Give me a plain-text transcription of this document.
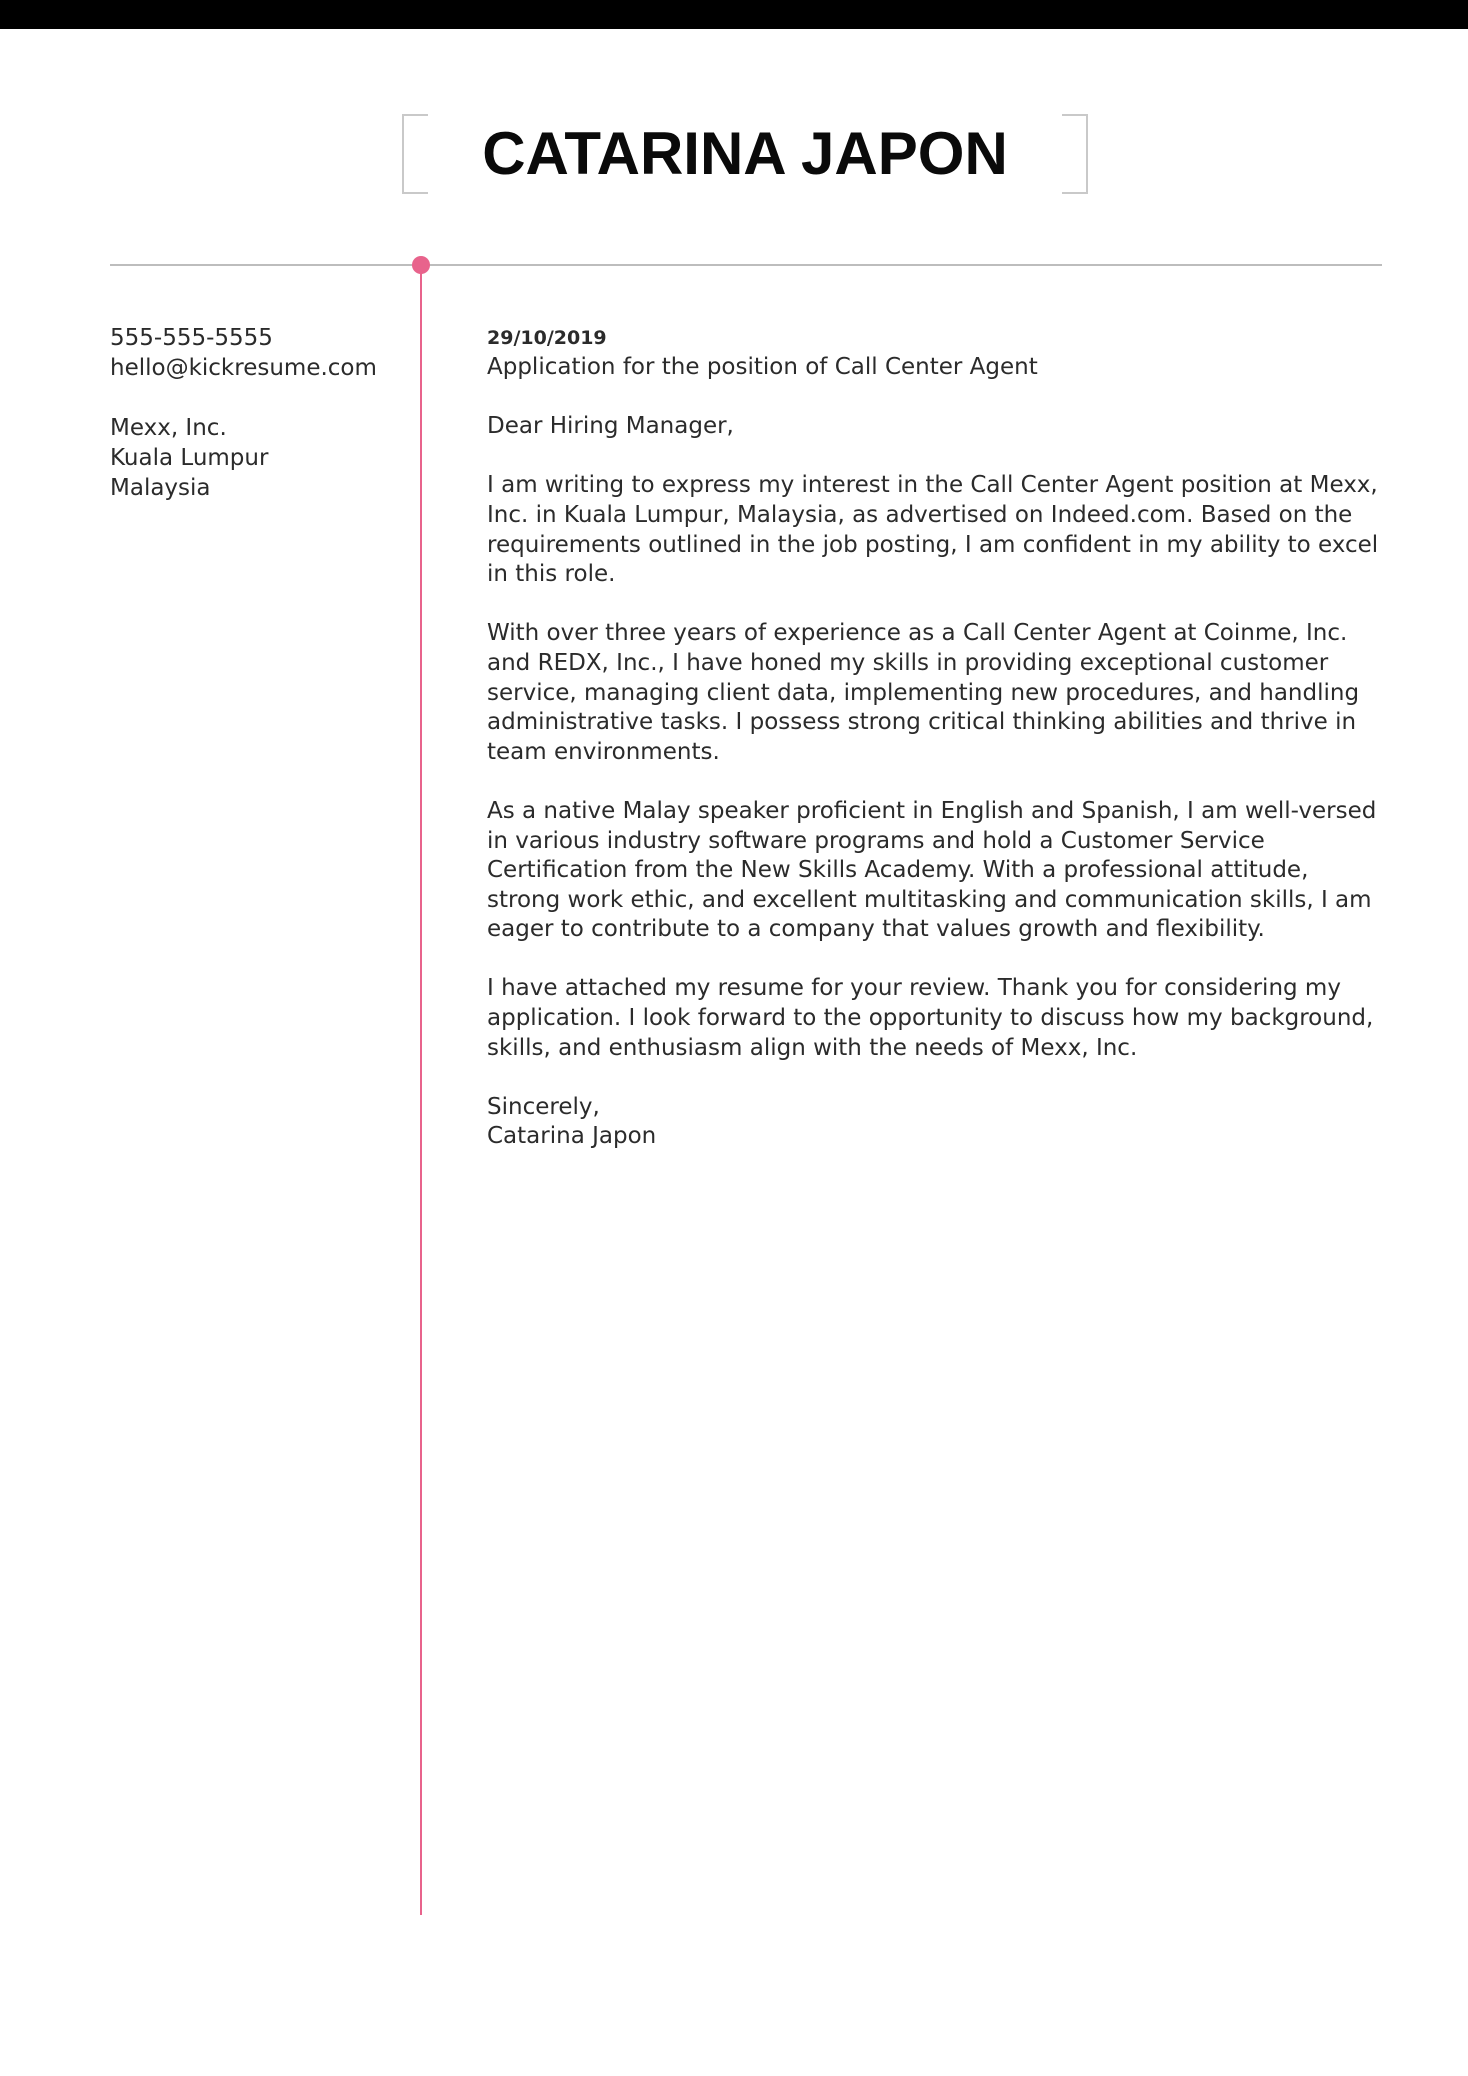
CATARINA JAPON
555-555-5555
hello@kickresume.com
Mexx, Inc.
Kuala Lumpur
Malaysia
29/10/2019
Application for the position of Call Center Agent

Dear Hiring Manager,

I am writing to express my interest in the Call Center Agent position at Mexx, Inc. in Kuala Lumpur, Malaysia, as advertised on Indeed.com. Based on the requirements outlined in the job posting, I am confident in my ability to excel in this role.

With over three years of experience as a Call Center Agent at Coinme, Inc. and REDX, Inc., I have honed my skills in providing exceptional customer service, managing client data, implementing new procedures, and handling administrative tasks. I possess strong critical thinking abilities and thrive in team environments.

As a native Malay speaker proficient in English and Spanish, I am well-versed in various industry software programs and hold a Customer Service Certification from the New Skills Academy. With a professional attitude, strong work ethic, and excellent multitasking and communication skills, I am eager to contribute to a company that values growth and flexibility.

I have attached my resume for your review. Thank you for considering my application. I look forward to the opportunity to discuss how my background, skills, and enthusiasm align with the needs of Mexx, Inc.

Sincerely,
Catarina Japon
